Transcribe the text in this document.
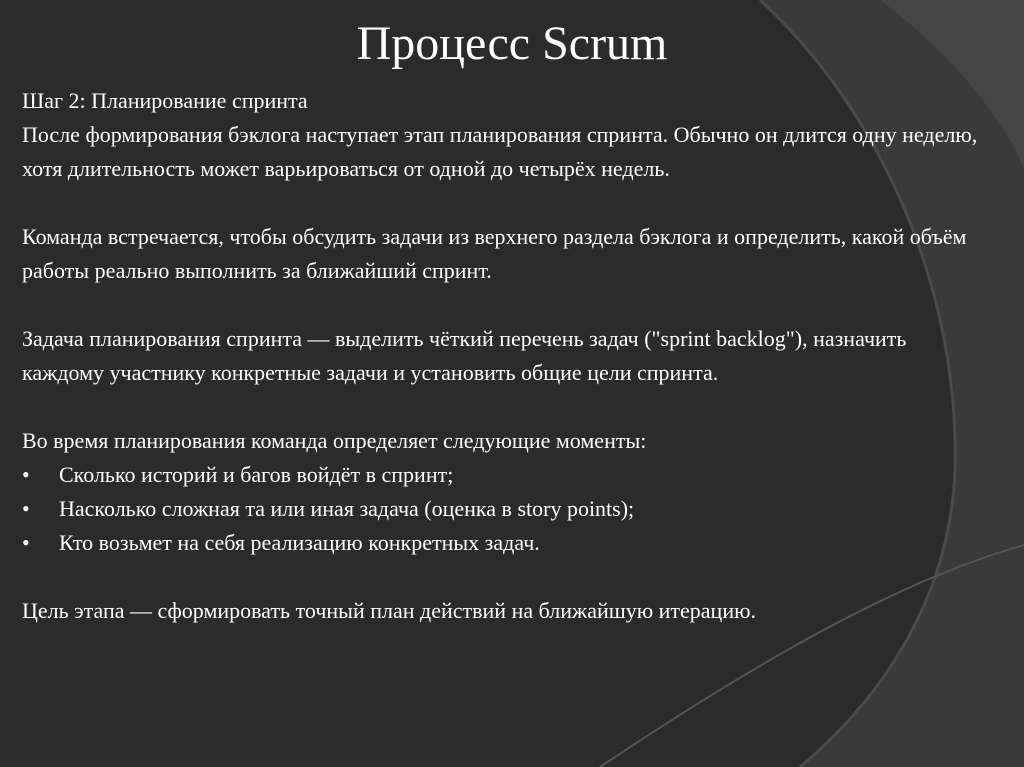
Процесс Scrum
Шаг 2: Планирование спринта

После формирования бэклога наступает этап планирования спринта. Обычно он длится одну неделю, хотя длительность может варьироваться от одной до четырёх недель.

Команда встречается, чтобы обсудить задачи из верхнего раздела бэклога и определить, какой объём работы реально выполнить за ближайший спринт.

Задача планирования спринта — выделить чёткий перечень задач ("sprint backlog"), назначить каждому участнику конкретные задачи и установить общие цели спринта.

Во время планирования команда определяет следующие моменты:
•	Сколько историй и багов войдёт в спринт;
•	Насколько сложная та или иная задача (оценка в story points);
•	Кто возьмет на себя реализацию конкретных задач.
Цель этапа — сформировать точный план действий на ближайшую итерацию.
